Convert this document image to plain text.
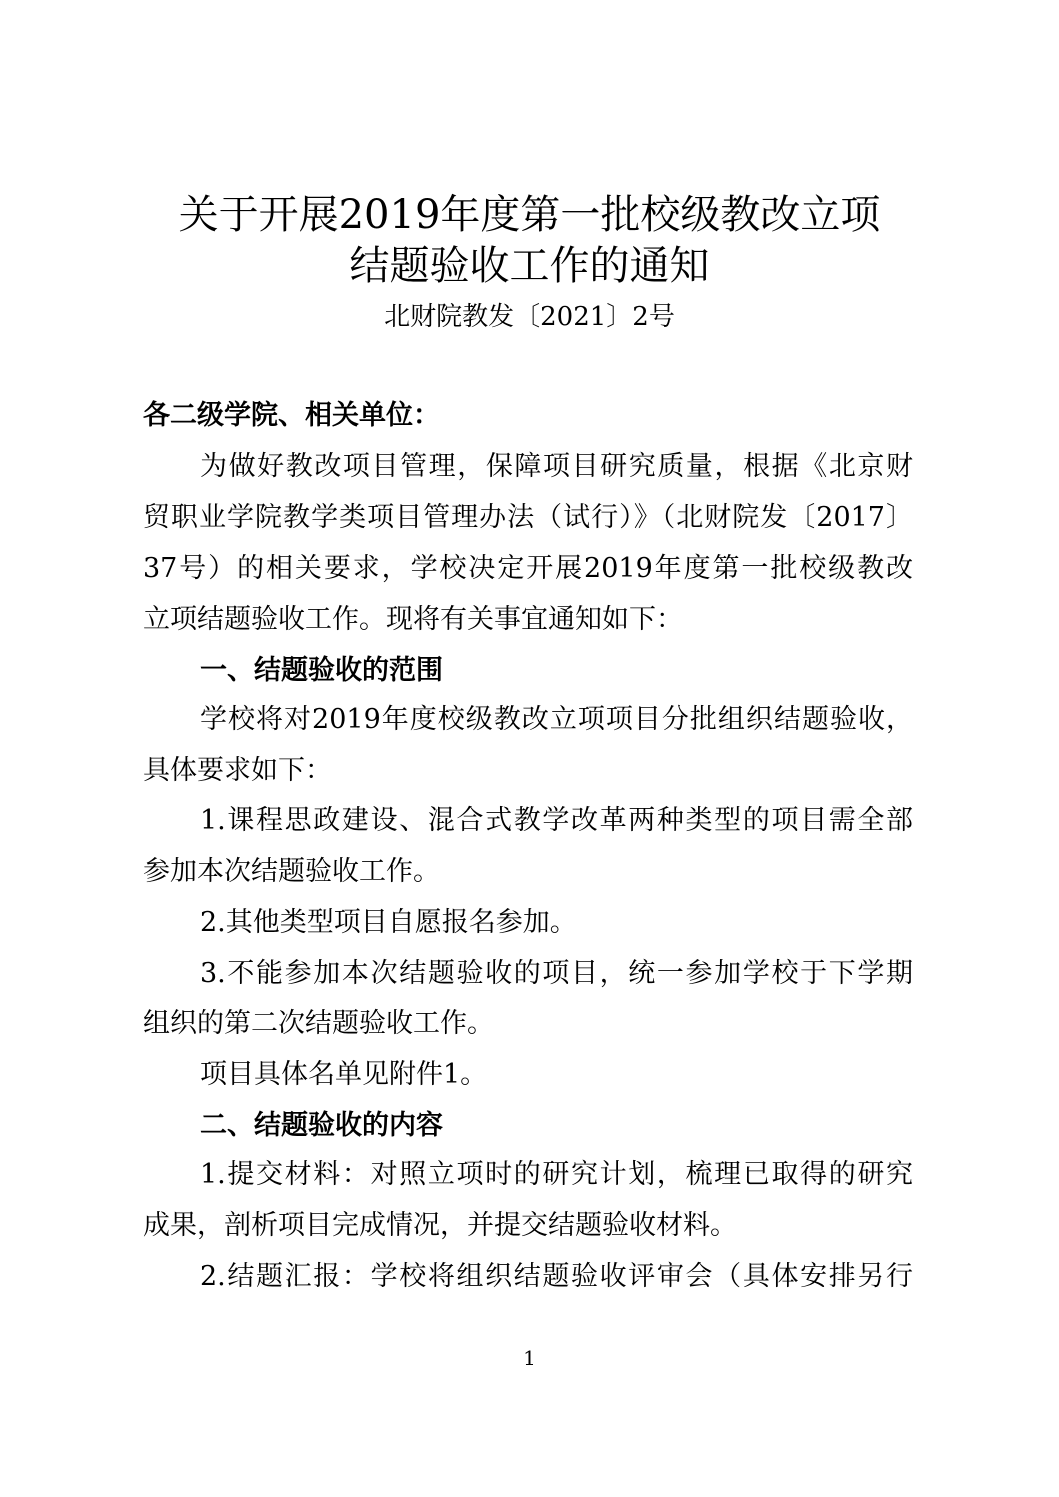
关于开展2019年度第一批校级教改立项
结题验收工作的通知
北财院教发〔2021〕2号

各二级学院、相关单位：

为做好教改项目管理，保障项目研究质量，根据《北京财

贸职业学院教学类项目管理办法（试行）》（北财院发〔2017〕

37号）的相关要求，学校决定开展2019年度第一批校级教改

立项结题验收工作。现将有关事宜通知如下：

一、结题验收的范围

学校将对2019年度校级教改立项项目分批组织结题验收，

具体要求如下：

1.课程思政建设、混合式教学改革两种类型的项目需全部

参加本次结题验收工作。

2.其他类型项目自愿报名参加。

3.不能参加本次结题验收的项目，统一参加学校于下学期

组织的第二次结题验收工作。

项目具体名单见附件1。

二、结题验收的内容

1.提交材料：对照立项时的研究计划，梳理已取得的研究

成果，剖析项目完成情况，并提交结题验收材料。

2.结题汇报：学校将组织结题验收评审会（具体安排另行

1
